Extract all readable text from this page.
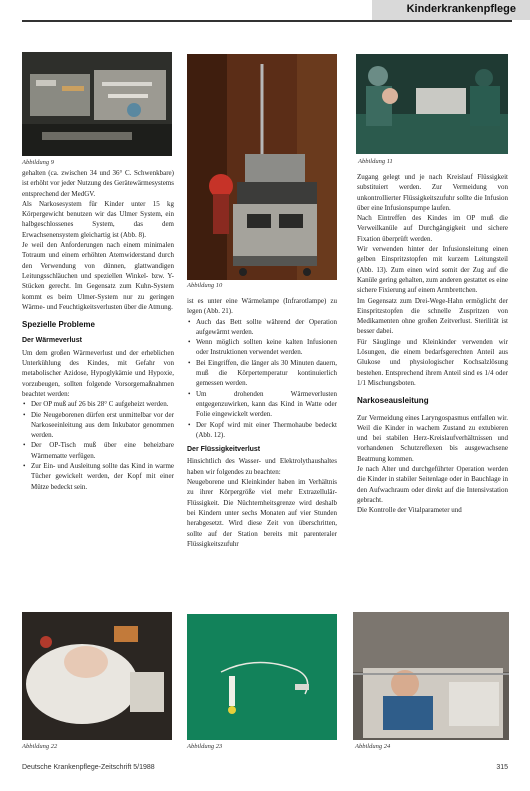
Kinderkrankenpflege
Abbildung 9
Abbildung 10
Abbildung 11

gehalten (ca. zwischen 34 und 36° C. Schwenkbare) ist erhöht vor jeder Nutzung des Gerätewärmesystems entsprechend der MedGV.

Als Narkosesystem für Kinder unter 15 kg Körpergewicht benutzen wir das Ulmer System, ein halbgeschlossenes System, das dem Erwachsenensystem gleichartig ist (Abb. 8).

Je weil den Anforderungen nach einem minimalen Totraum und einem erhöhten Atemwiderstand durch den Verwendung von dünnen, glattwandigen Leitungsschläuchen und speziellen Winkel- bzw. Y-Stücken gerecht. Im Gegensatz zum Kuhn-System kommt es beim Ulmer-System nur zu geringen Wärme- und Feuchtigkeitsverlusten über die Atmung.

Spezielle Probleme
Der Wärmeverlust

Um dem großen Wärmeverlust und der erheblichen Unterkühlung des Kindes, mit Gefahr von metabolischer Azidose, Hypoglykämie und Hypoxie, vorzubeugen, sollten folgende Vorsorgemaßnahmen beachtet werden:

• Der OP muß auf 26 bis 28° C aufgeheizt werden.
• Die Neugeborenen dürfen erst unmittelbar vor der Narkoseeinleitung aus dem Inkubator genommen werden.
• Der OP-Tisch muß über eine beheizbare Wärmematte verfügen.
• Zur Ein- und Ausleitung sollte das Kind in warme Tücher gewickelt werden, der Kopf mit einer Mütze bedeckt sein.

ist es unter eine Wärmelampe (Infrarotlampe) zu legen (Abb. 21).

• Auch das Bett sollte während der Operation aufgewärmt werden.
• Wenn möglich sollten keine kalten Infusionen oder Instruktionen verwendet werden.
• Bei Eingriffen, die länger als 30 Minuten dauern, muß die Körpertemperatur kontinuierlich gemessen werden.
• Um drohenden Wärmeverlusten entgegenzuwirken, kann das Kind in Watte oder Folie eingewickelt werden.
• Der Kopf wird mit einer Thermohaube bedeckt (Abb. 12).
Der Flüssigkeitverlust

Hinsichtlich des Wasser- und Elektrolythaushaltes haben wir folgendes zu beachten:

Neugeborene und Kleinkinder haben im Verhältnis zu ihrer Körpergröße viel mehr Extrazellulär-Flüssigkeit. Die Nüchternheitsgrenze wird deshalb bei Kindern unter sechs Monaten auf vier Stunden herabgesetzt. Wird diese Zeit von überschritten, sollte auf der Station bereits mit parenteraler Flüssigkeitszufuhr

Zugang gelegt und je nach Kreislauf Flüssigkeit substituiert werden. Zur Vermeidung von unkontrollierter Flüssigkeitszufuhr sollte die Infusion über eine Infusionspumpe laufen.

Nach Eintreffen des Kindes im OP muß die Verweilkanüle auf Durchgängigkeit und sichere Fixation überprüft werden.

Wir verwenden hinter der Infusionsleitung einen gelben Einspritzstopfen mit kurzem Leitungsteil (Abb. 13). Zum einen wird somit der Zug auf die Kanüle gering gehalten, zum anderen gestattet es eine sichere Fixierung auf einem Armbrettchen.

Im Gegensatz zum Drei-Wege-Hahn ermöglicht der Einspritzstopfen die schnelle Zuspritzen von Medikamenten ohne großen Zeitverlust. Sterilität ist besser dabei.

Für Säuglinge und Kleinkinder verwenden wir Lösungen, die einem bedarfsgerechten Anteil aus Glukose und physiologischer Kochsalzlösung bestehen. Entsprechend ihrem Anteil sind es 1/4 oder 1/1 Mischungsboten.

Narkoseausleitung

Zur Vermeidung eines Laryngospasmus entfallen wir. Weil die Kinder in wachem Zustand zu extubieren und bei stabilen Herz-Kreislaufverhältnissen und vorhandenen Schutzreflexen bis ausgewachsene Beatmung kommen.

Je nach Alter und durchgeführter Operation werden die Kinder in stabiler Seitenlage oder in Bauchlage in den Aufwachraum oder direkt auf die Intensivstation gebracht.

Die Kontrolle der Vitalparameter und

Abbildung 22	Abbildung 23	Abbildung 24
Deutsche Krankenpflege-Zeitschrift 5/1988	315
